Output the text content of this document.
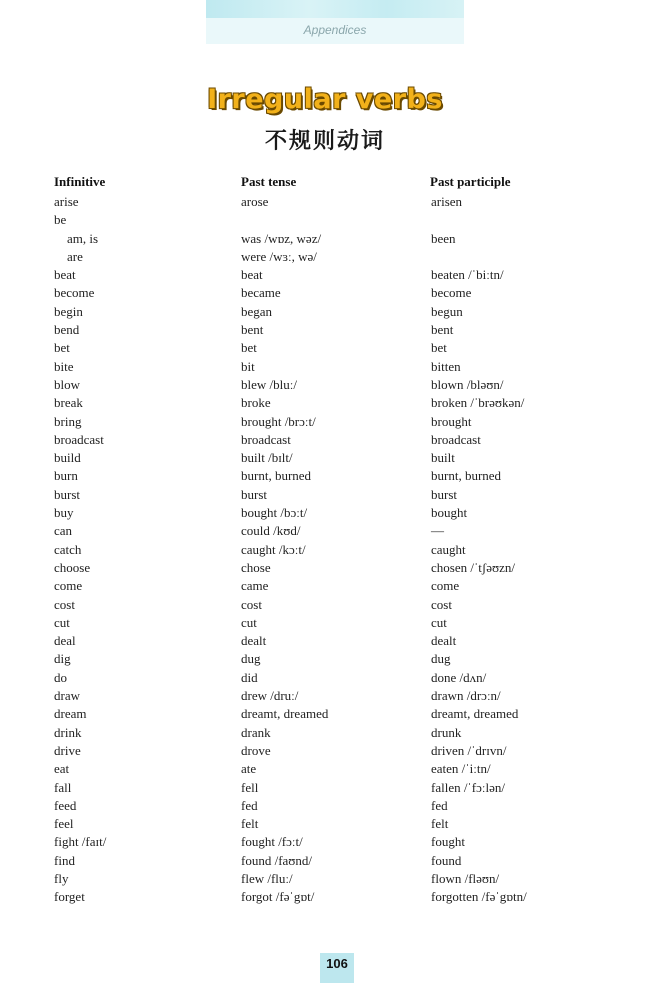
Appendices
Irregular verbs
不规则动词
Infinitive	Past tense	Past participle
arise
be
am, is
are
beat
become
begin
bend
bet
bite
blow
break
bring
broadcast
build
burn
burst
buy
can
catch
choose
come
cost
cut
deal
dig
do
draw
dream
drink
drive
eat
fall
feed
feel
fight /faɪt/
find
fly
forget
arose
was /wɒz, wəz/
were /wɜː, wə/
beat
became
began
bent
bet
bit
blew /bluː/
broke
brought /brɔːt/
broadcast
built /bɪlt/
burnt, burned
burst
bought /bɔːt/
could /kʊd/
caught /kɔːt/
chose
came
cost
cut
dealt
dug
did
drew /druː/
dreamt, dreamed
drank
drove
ate
fell
fed
felt
fought /fɔːt/
found /faʊnd/
flew /fluː/
forgot /fəˈgɒt/
arisen
been
beaten /ˈbiːtn/
become
begun
bent
bet
bitten
blown /bləʊn/
broken /ˈbrəʊkən/
brought
broadcast
built
burnt, burned
burst
bought
—
caught
chosen /ˈtʃəʊzn/
come
cost
cut
dealt
dug
done /dʌn/
drawn /drɔːn/
dreamt, dreamed
drunk
driven /ˈdrɪvn/
eaten /ˈiːtn/
fallen /ˈfɔːlən/
fed
felt
fought
found
flown /fləʊn/
forgotten /fəˈgɒtn/
106
